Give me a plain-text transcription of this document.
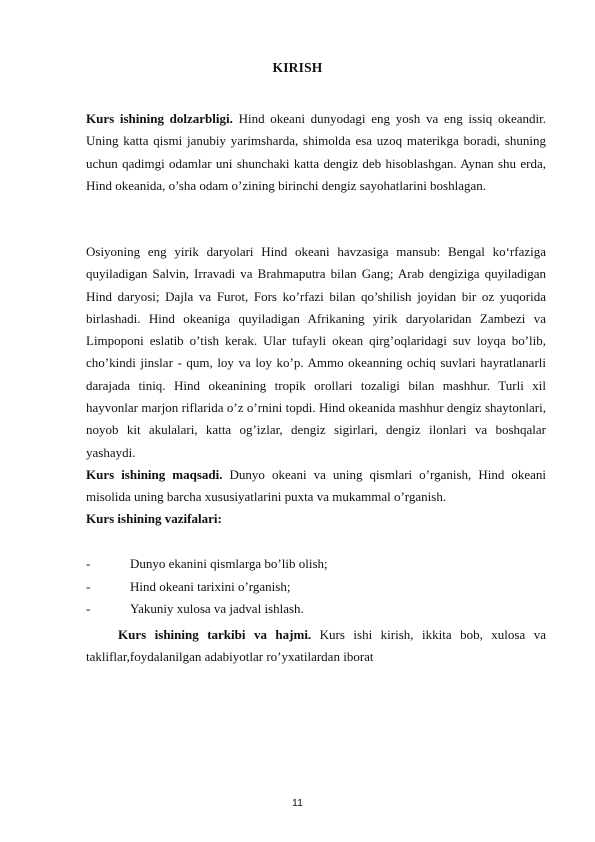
KIRISH
Kurs ishining dolzarbligi. Hind okeani dunyodagi eng yosh va eng issiq okeandir. Uning katta qismi janubiy yarimsharda, shimolda esa uzoq materikga boradi, shuning uchun qadimgi odamlar uni shunchaki katta dengiz deb hisoblashgan. Aynan shu erda, Hind okeanida, o’sha odam o’zining birinchi dengiz sayohatlarini boshlagan.
Osiyoning eng yirik daryolari Hind okeani havzasiga mansub: Bengal ko‘rfaziga quyiladigan Salvin, Irravadi va Brahmaputra bilan Gang; Arab dengiziga quyiladigan Hind daryosi; Dajla va Furot, Fors ko’rfazi bilan qo’shilish joyidan bir oz yuqorida birlashadi. Hind okeaniga quyiladigan Afrikaning yirik daryolaridan Zambezi va Limpoponi eslatib o’tish kerak. Ular tufayli okean qirg’oqlaridagi suv loyqa bo’lib, cho’kindi jinslar - qum, loy va loy ko’p. Ammo okeanning ochiq suvlari hayratlanarli darajada tiniq. Hind okeanining tropik orollari tozaligi bilan mashhur. Turli xil hayvonlar marjon riflarida o’z o’rnini topdi. Hind okeanida mashhur dengiz shaytonlari, noyob kit akulalari, katta og’izlar, dengiz sigirlari, dengiz ilonlari va boshqalar yashaydi.
Kurs ishining maqsadi. Dunyo okeani va uning qismlari o’rganish, Hind okeani misolida uning barcha xususiyatlarini puxta va mukammal o’rganish.
Kurs ishining vazifalari:
-	Dunyo ekanini qismlarga bo’lib olish;
-	Hind okeani tarixini o’rganish;
-	Yakuniy xulosa va jadval ishlash.
Kurs ishining tarkibi va hajmi. Kurs ishi kirish, ikkita bob, xulosa va takliflar,foydalanilgan adabiyotlar ro’yxatilardan iborat
11
